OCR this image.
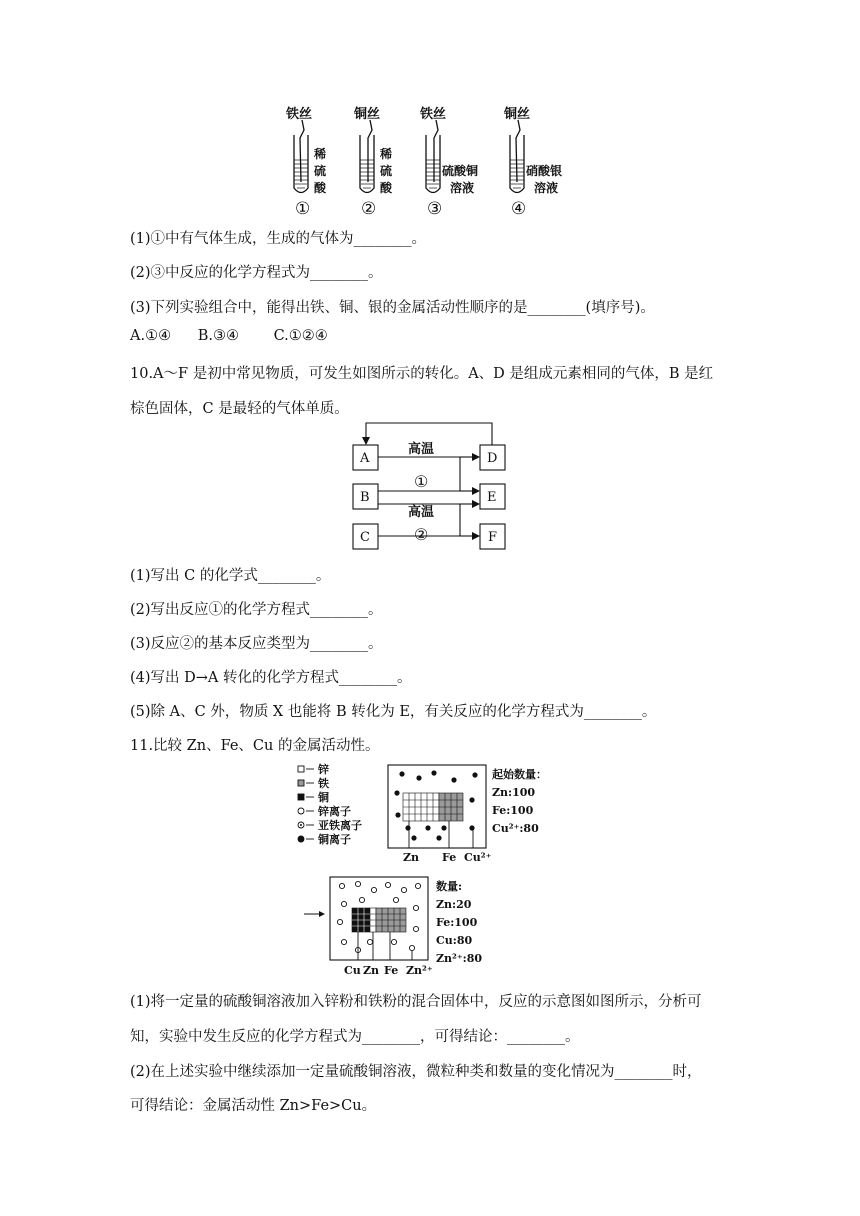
铁丝	铜丝	铁丝	铜丝
稀
硫
酸
稀
硫
酸
硫酸铜
溶液
硝酸银
溶液
①	②	③	④
(1)①中有气体生成，生成的气体为________。
(2)③中反应的化学方程式为________。
(3)下列实验组合中，能得出铁、铜、银的金属活动性顺序的是________(填序号)。
A.①④ B.③④ C.①②④
10.A～F 是初中常见物质，可发生如图所示的转化。A、D 是组成元素相同的气体，B 是红
棕色固体，C 是最轻的气体单质。
A
B
C
D
E
F
高温
①
高温
②
(1)写出 C 的化学式________。
(2)写出反应①的化学方程式________。
(3)反应②的基本反应类型为________。
(4)写出 D→A 转化的化学方程式________。
(5)除 A、C 外，物质 X 也能将 B 转化为 E，有关反应的化学方程式为________。
11.比较 Zn、Fe、Cu 的金属活动性。
锌
铁
铜
锌离子
亚铁离子
铜离子
Zn Fe Cu²⁺
起始数量：
Zn:100
Fe:100
Cu²⁺:80
Cu Zn Fe Zn²⁺
数量:
Zn:20
Fe:100
Cu:80
Zn²⁺:80
(1)将一定量的硫酸铜溶液加入锌粉和铁粉的混合固体中，反应的示意图如图所示，分析可
知，实验中发生反应的化学方程式为________，可得结论：________。
(2)在上述实验中继续添加一定量硫酸铜溶液，微粒种类和数量的变化情况为________时，
可得结论：金属活动性 Zn>Fe>Cu。
